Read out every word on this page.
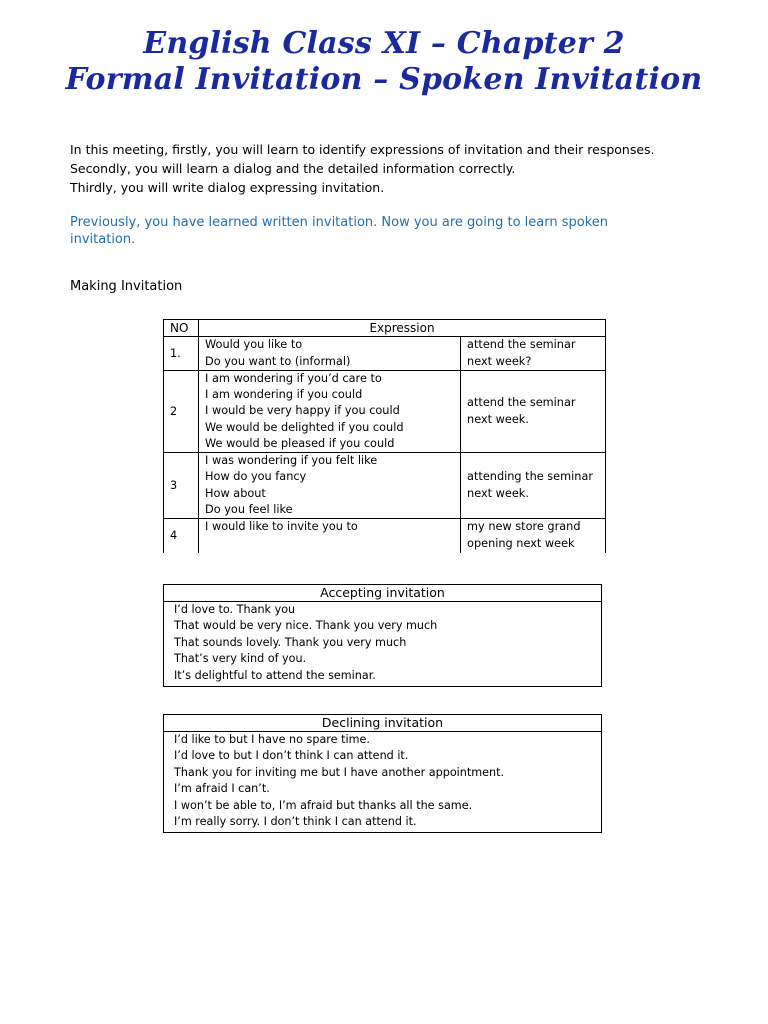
English Class XI – Chapter 2
Formal Invitation – Spoken Invitation

In this meeting, firstly, you will learn to identify expressions of invitation and their responses.

Secondly, you will learn a dialog and the detailed information correctly.

Thirdly, you will write dialog expressing invitation.

Previously, you have learned written invitation. Now you are going to learn spoken invitation.
Making Invitation
NO	Expression	
1.	Would you like to
Do you want to (informal)	attend the seminar next week?
2	I am wondering if you’d care to
I am wondering if you could
I would be very happy if you could
We would be delighted if you could
We would be pleased if you could	attend the seminar next week.
3	I was wondering if you felt like
How do you fancy
How about
Do you feel like	attending the seminar next week.
4	I would like to invite you to	my new store grand opening next week
Accepting invitation
I’d love to. Thank you
That would be very nice. Thank you very much
That sounds lovely. Thank you very much
That’s very kind of you.
It’s delightful to attend the seminar.
Declining invitation
I’d like to but I have no spare time.
I’d love to but I don’t think I can attend it.
Thank you for inviting me but I have another appointment.
I’m afraid I can’t.
I won’t be able to, I’m afraid but thanks all the same.
I’m really sorry. I don’t think I can attend it.
